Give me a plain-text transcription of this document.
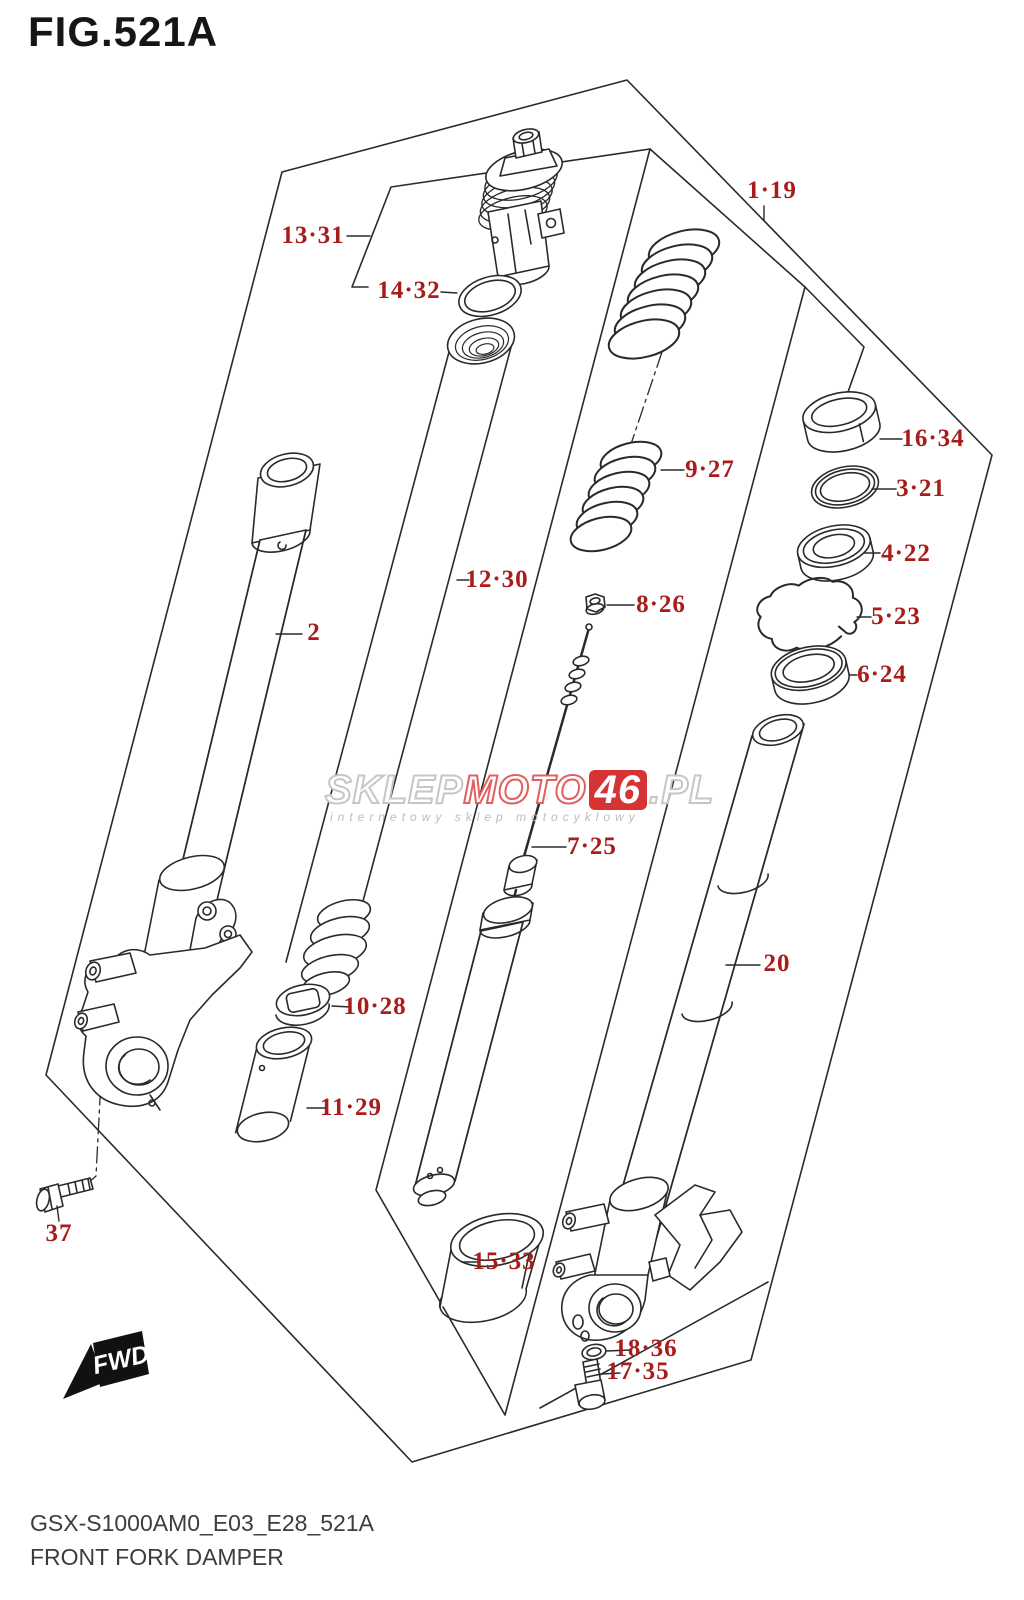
FWD
FIG.521A
SKLEPMOTO 46 .PL
internetowy sklep motocyklowy
13·31
14·32
1·19
16·34
3·21
4·22
5·23
6·24
9·27
12·30
8·26
2
7·25
20
10·28
11·29
37
15·33
18·36
17·35
GSX-S1000AM0_E03_E28_521A
FRONT FORK DAMPER
